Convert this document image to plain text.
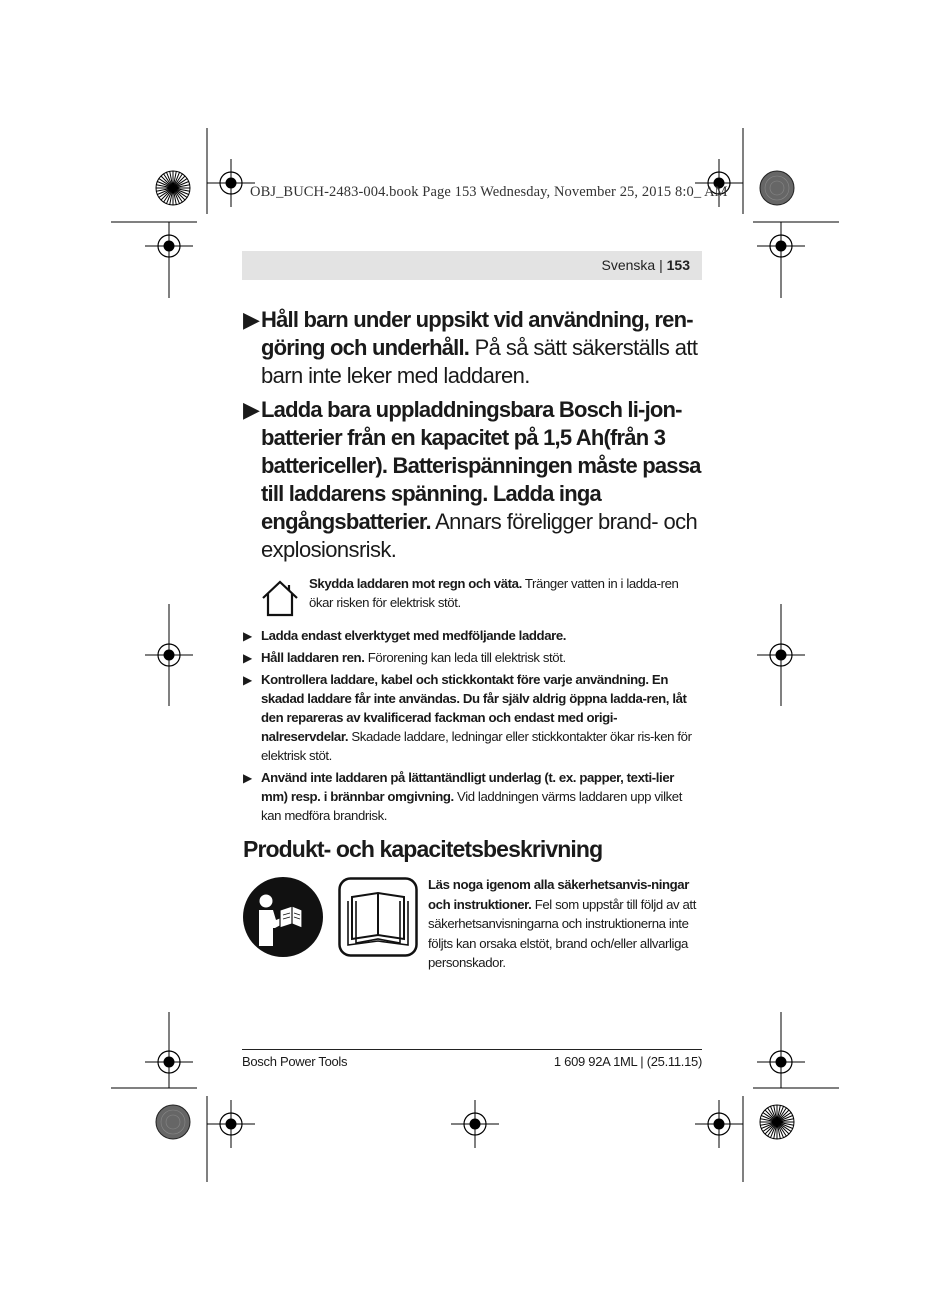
OBJ_BUCH-2483-004.book Page 153 Wednesday, November 25, 2015 8:0_ AM
Svenska | 153
▶ Håll barn under uppsikt vid användning, ren-göring och underhåll. På så sätt säkerställs att barn inte leker med laddaren.
▶ Ladda bara uppladdningsbara Bosch li-jon-batterier från en kapacitet på 1,5 Ah(från 3 battericeller). Batterispänningen måste passa till laddarens spänning. Ladda inga engångsbatterier. Annars föreligger brand- och explosionsrisk.
Skydda laddaren mot regn och väta. Tränger vatten in i ladda-ren ökar risken för elektrisk stöt.
▶ Ladda endast elverktyget med medföljande laddare.
▶ Håll laddaren ren. Förorening kan leda till elektrisk stöt.
▶ Kontrollera laddare, kabel och stickkontakt före varje användning. En skadad laddare får inte användas. Du får själv aldrig öppna ladda-ren, låt den repareras av kvalificerad fackman och endast med origi-nalreservdelar. Skadade laddare, ledningar eller stickkontakter ökar ris-ken för elektrisk stöt.
▶ Använd inte laddaren på lättantändligt underlag (t. ex. papper, texti-lier mm) resp. i brännbar omgivning. Vid laddningen värms laddaren upp vilket kan medföra brandrisk.
Produkt- och kapacitetsbeskrivning
Läs noga igenom alla säkerhetsanvis-ningar och instruktioner. Fel som uppstår till följd av att säkerhetsanvisningarna och instruktionerna inte följts kan orsaka elstöt, brand och/eller allvarliga personskador.
Bosch Power Tools	1 609 92A 1ML | (25.11.15)
